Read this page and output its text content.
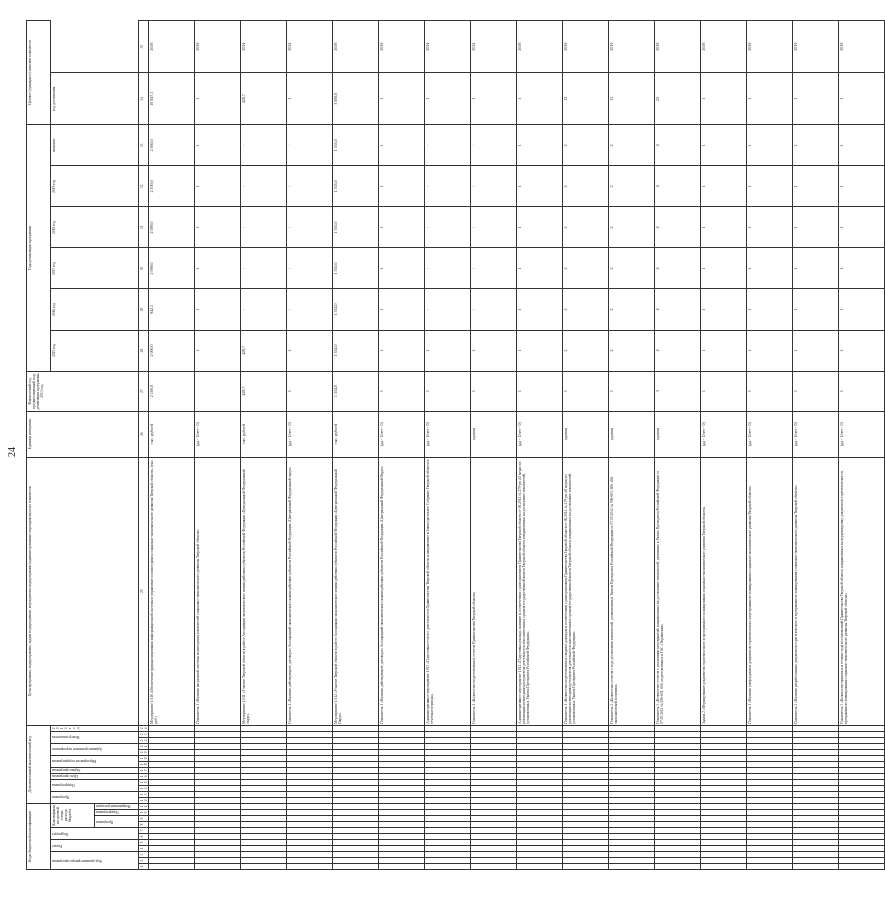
24
Коды бюджетной классификации											Дополнительный аналитический код													Цели программы, подпрограммы, задачи подпрограммы, мероприятия подпрограммы (административные мероприятия) и их показатели	Единица измерения	Фактический год, предшествующий году реализации программы, 2013 год	Годы реализации программы						Целевое (суммарное) значение показателя	
Код администратора программы			Раздел		Подраздел		Классификация целевой статьи расхода бюджета				Программа		Подпрограмма		Цель программы	Задача программы	Мероприятие подпрограммы		Административное мероприятие		Номер показателя		2014 год				2015 год	2016 год	2017 год	2018 год	2019 год	значение	год достижения	
							Программа		Подпрограмма	Направление расходов																								
1	2	3	4	5	6	7	8	9	10	11	12	13	14	15	16	17	18	19	20	21	22	23	24	25	26	27	28	29	30	31	32	33	34	35
																								Мероприятие 1.016 «Обеспечение функционирования информационной системы и управление и мониторинга социально-экономического развития Тверской области» (тыс. руб.)	тыс. рублей	2 100,0	2 000,0	942,1	2 099,0	2 099,0	2 100,0	2 000,0	10 947,1	2019
																								Показатель 1 «Наличие актуальной системы мониторинга показателей социально-экономического развития Тверской области»	(да - 1/нет - 0)		1	1	1	1	1	1	1	2019
																								Мероприятие 1.011 «Участие Тверской области в работе Ассоциации экономического взаимодействия субъектов Российской Федерации «Центральный Федеральный округ»	тыс. рублей	428,7	428,7	-	-	-	-	-	428,7	2014
																								Показатель 1 «Наличие действующего договора с Ассоциацией экономического взаимодействия субъектов Российской Федерации «Центральный Федеральный округ»	(да - 1/нет - 0)	1	1	-	-	-	-	-	1	2014
																								Мероприятие 1.012 «Участие Тверской области в работе Ассоциации экономического взаимодействия субъектов Российской Федерации «Центральный Федеральный Округ»	тыс. рублей	1 334,0	1 334,0	1 334,0	1 335,0	1 335,0	1 335,0	1 335,0	3 000,0	2019
																								Показатель 1 «Наличие действующего договора с Ассоциацией экономического взаимодействия субъектов Российской Федерации «Центральный Федеральный Округ»	(да - 1/нет - 0)	1	1	1	1	1	1	1	1	2019
																								Административное мероприятие 1.013 «Подготовка отчета о деятельности Правительства Тверской области и направление в Законодательное Собрание Тверской области и отчетные периоды»	(да - 1/нет - 0)	1	1	-	-	-	-	-	1	2014
																								Показатель 1 «Количество подготовленных отчетов Правительства Тверской области»	единиц	1	1	-	-	-	-	-	1	2014
																								Административное мероприятие 1.014 «Подготовка доклада, оказание в соответствии с распоряжением Правительства Тверской области от 06.2014 № 279-рп «О мерах по реализации мониторинга результатов деятельности исполнительных органов государственной власти Тверской области, направленных на достижение показателей, установленных Указом Президента Российской Федерации»	(да - 1/нет - 0)	1	1	1	1	1	1	1	1	2019
																								Показатель 1 «Количество подготовленных сводных докладов в соответствии с распоряжением Правительства Тверской области от 06.2014 № 279-рп «О мерах по реализации мониторинга результатов деятельности исполнительных органов государственной власти Тверской области, направленных на достижение показателей, установленных Указом Президента Российской Федерации»	единиц	1	2	2	2	2	2	2	12	2019
																								Показатель 2 «Количество отчетов о ходе достижения показателей, установленных Указом Президента Российской Федерации от 07.05.2012 № 596-601, 606 «Об экономической политике»	единиц	1	2	2	2	2	2	2	11	2019
																								Показатель 3 «Количество отчетов о реализации мероприятий, направленных на достижение показателей, указанных в Указах Президента Российской Федерации от 07.05.2012 № 596-601, 606, подготовленных в ГАС «Управление»	единиц	3	4	4	4	4	4	4	22	2019
																								Задача 2 «Формирование документов стратегического и программного планирования социально-экономического развития Тверской области»	(да - 1/нет - 0)	1	1	1	1	1	1	1	1	2019
																								Показатель 1 «Наличие утвержденных документов стратегического и программного планирования социально-экономического развития Тверской области»	(да - 1/нет - 0)	1	1	1	1	1	1	1	1	2019
																								Показатель 2 «Наличие разработанных документов стратегического и программного планирования социально-экономического развития Тверской области»	(да - 1/нет - 0)	1	1	1	1	1	1	1	1	2019
																								Показатель 3 «Количество принятых в течение года постановлений Правительства Тверской области, направленных на корректировку документов стратегического и программного планирования социально-экономического развития Тверской области»	(да - 1/нет - 0)	1	1	1	1	1	1	1	1	2019
